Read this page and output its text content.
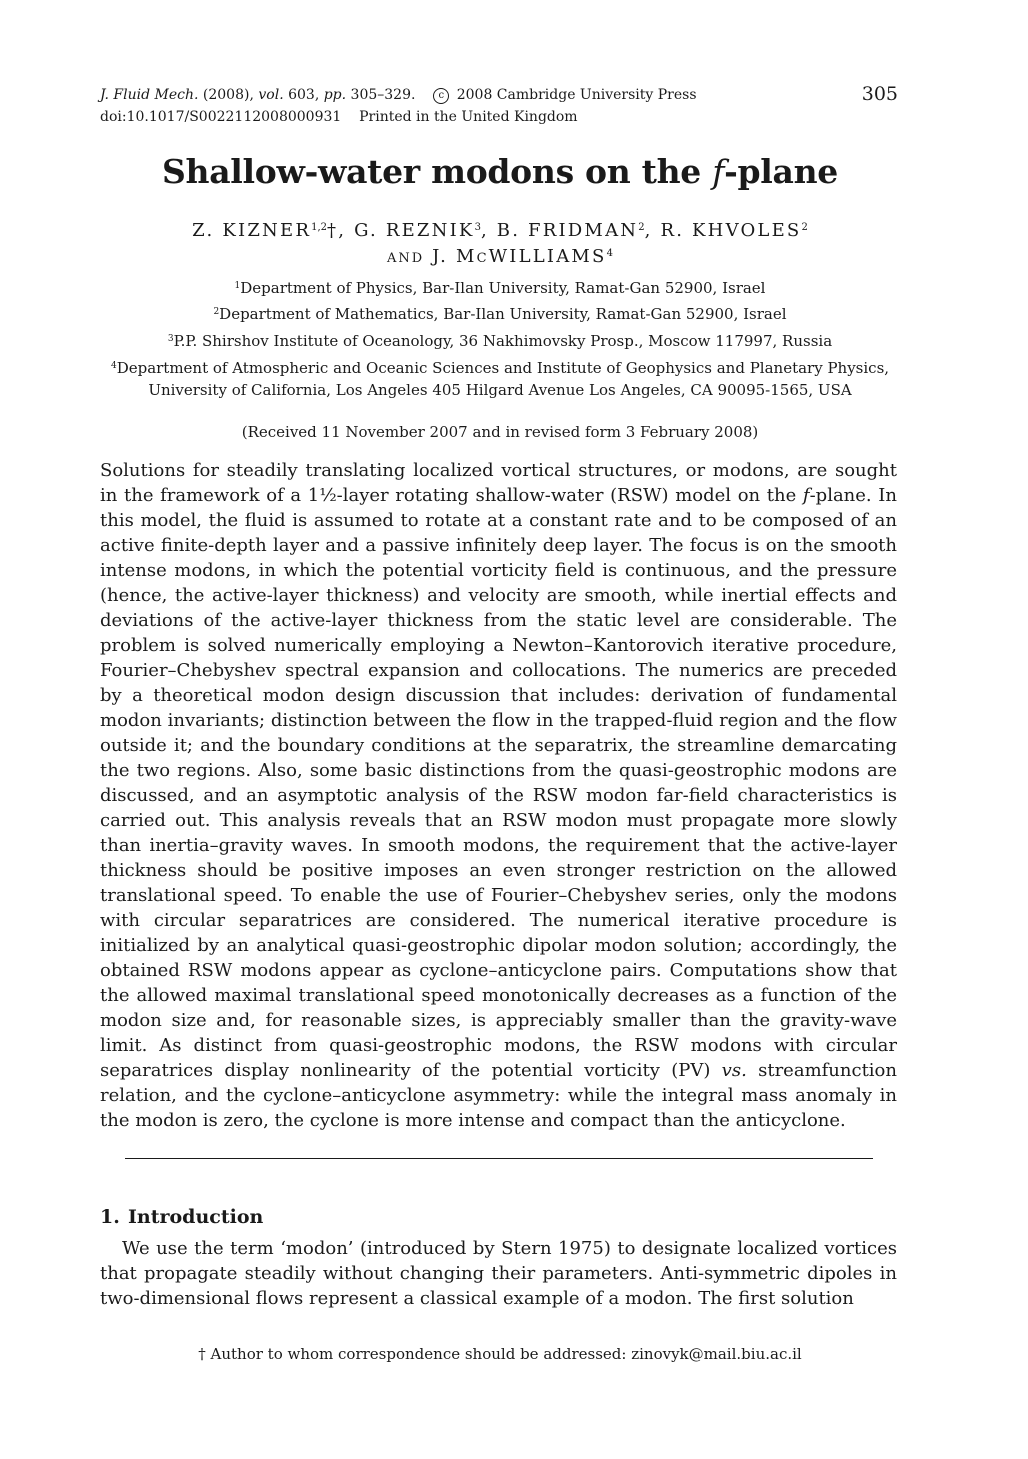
J. Fluid Mech. (2008), vol. 603, pp. 305–329. c 2008 Cambridge University Press
doi:10.1017/S0022112008000931 Printed in the United Kingdom
305
Shallow-water modons on the f-plane
Z. KIZNER$^{1,2}$†, G. REZNIK$^3$, B. FRIDMAN$^2$, R. KHVOLES$^2$
AND J. MCWILLIAMS$^4$
$^1$Department of Physics, Bar-Ilan University, Ramat-Gan 52900, Israel
$^2$Department of Mathematics, Bar-Ilan University, Ramat-Gan 52900, Israel
$^3$P.P. Shirshov Institute of Oceanology, 36 Nakhimovsky Prosp., Moscow 117997, Russia
$^4$Department of Atmospheric and Oceanic Sciences and Institute of Geophysics and Planetary Physics,
University of California, Los Angeles 405 Hilgard Avenue Los Angeles, CA 90095-1565, USA
(Received 11 November 2007 and in revised form 3 February 2008)
Solutions for steadily translating localized vortical structures, or modons, are sought in the framework of a 1½-layer rotating shallow-water (RSW) model on the f-plane. In this model, the fluid is assumed to rotate at a constant rate and to be composed of an active finite-depth layer and a passive infinitely deep layer. The focus is on the smooth intense modons, in which the potential vorticity field is continuous, and the pressure (hence, the active-layer thickness) and velocity are smooth, while inertial effects and deviations of the active-layer thickness from the static level are considerable. The problem is solved numerically employing a Newton–Kantorovich iterative procedure, Fourier–Chebyshev spectral expansion and collocations. The numerics are preceded by a theoretical modon design discussion that includes: derivation of fundamental modon invariants; distinction between the flow in the trapped-fluid region and the flow outside it; and the boundary conditions at the separatrix, the streamline demarcating the two regions. Also, some basic distinctions from the quasi-geostrophic modons are discussed, and an asymptotic analysis of the RSW modon far-field characteristics is carried out. This analysis reveals that an RSW modon must propagate more slowly than inertia–gravity waves. In smooth modons, the requirement that the active-layer thickness should be positive imposes an even stronger restriction on the allowed translational speed. To enable the use of Fourier–Chebyshev series, only the modons with circular separatrices are considered. The numerical iterative procedure is initialized by an analytical quasi-geostrophic dipolar modon solution; accordingly, the obtained RSW modons appear as cyclone–anticyclone pairs. Computations show that the allowed maximal translational speed monotonically decreases as a function of the modon size and, for reasonable sizes, is appreciably smaller than the gravity-wave limit. As distinct from quasi-geostrophic modons, the RSW modons with circular separatrices display nonlinearity of the potential vorticity (PV) vs. streamfunction relation, and the cyclone–anticyclone asymmetry: while the integral mass anomaly in the modon is zero, the cyclone is more intense and compact than the anticyclone.
1. Introduction
We use the term ‘modon’ (introduced by Stern 1975) to designate localized vortices that propagate steadily without changing their parameters. Anti-symmetric dipoles in two-dimensional flows represent a classical example of a modon. The first solution
† Author to whom correspondence should be addressed: zinovyk@mail.biu.ac.il
